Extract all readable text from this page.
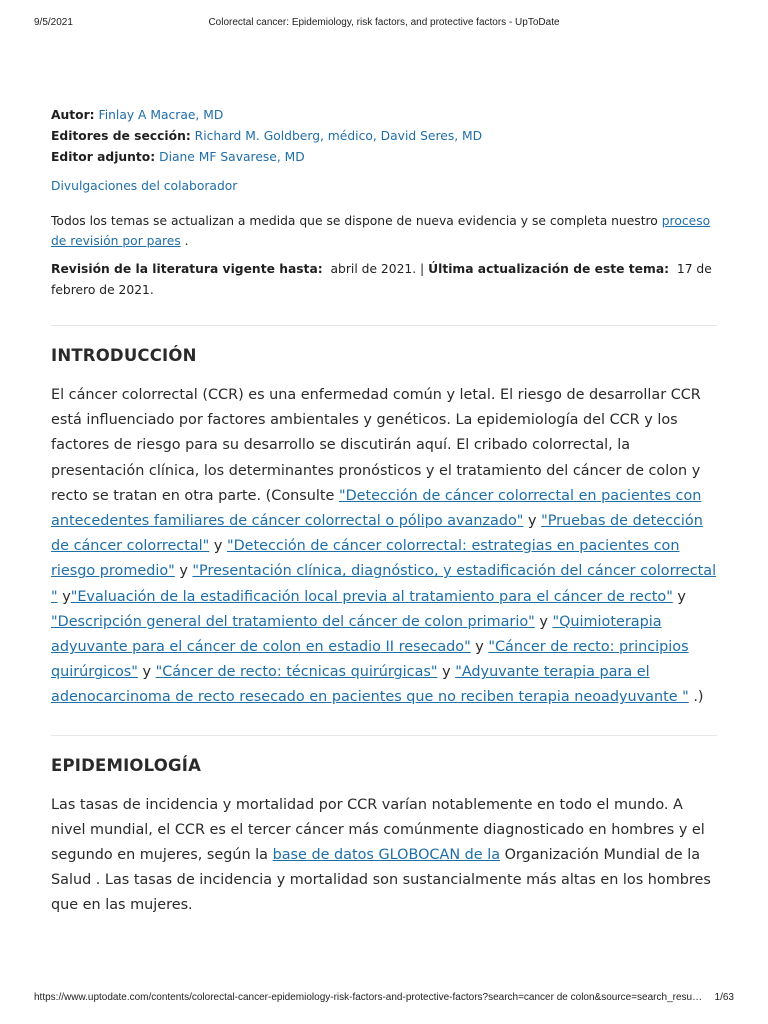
9/5/2021	Colorectal cancer: Epidemiology, risk factors, and protective factors - UpToDate
Autor: Finlay A Macrae, MD
Editores de sección: Richard M. Goldberg, médico, David Seres, MD
Editor adjunto: Diane MF Savarese, MD
Divulgaciones del colaborador
Todos los temas se actualizan a medida que se dispone de nueva evidencia y se completa nuestro proceso de revisión por pares .
Revisión de la literatura vigente hasta: abril de 2021. | Última actualización de este tema: 17 de febrero de 2021.
INTRODUCCIÓN
El cáncer colorrectal (CCR) es una enfermedad común y letal. El riesgo de desarrollar CCR está influenciado por factores ambientales y genéticos. La epidemiología del CCR y los factores de riesgo para su desarrollo se discutirán aquí. El cribado colorrectal, la presentación clínica, los determinantes pronósticos y el tratamiento del cáncer de colon y recto se tratan en otra parte. (Consulte "Detección de cáncer colorrectal en pacientes con antecedentes familiares de cáncer colorrectal o pólipo avanzado" y "Pruebas de detección de cáncer colorrectal" y "Detección de cáncer colorrectal: estrategias en pacientes con riesgo promedio" y "Presentación clínica, diagnóstico, y estadificación del cáncer colorrectal " y"Evaluación de la estadificación local previa al tratamiento para el cáncer de recto" y "Descripción general del tratamiento del cáncer de colon primario" y "Quimioterapia adyuvante para el cáncer de colon en estadio II resecado" y "Cáncer de recto: principios quirúrgicos" y "Cáncer de recto: técnicas quirúrgicas" y "Adyuvante terapia para el adenocarcinoma de recto resecado en pacientes que no reciben terapia neoadyuvante " .)
EPIDEMIOLOGÍA
Las tasas de incidencia y mortalidad por CCR varían notablemente en todo el mundo. A nivel mundial, el CCR es el tercer cáncer más comúnmente diagnosticado en hombres y el segundo en mujeres, según la base de datos GLOBOCAN de la Organización Mundial de la Salud . Las tasas de incidencia y mortalidad son sustancialmente más altas en los hombres que en las mujeres.
https://www.uptodate.com/contents/colorectal-cancer-epidemiology-risk-factors-and-protective-factors?search=cancer de colon&source=search_resu… 1/63
